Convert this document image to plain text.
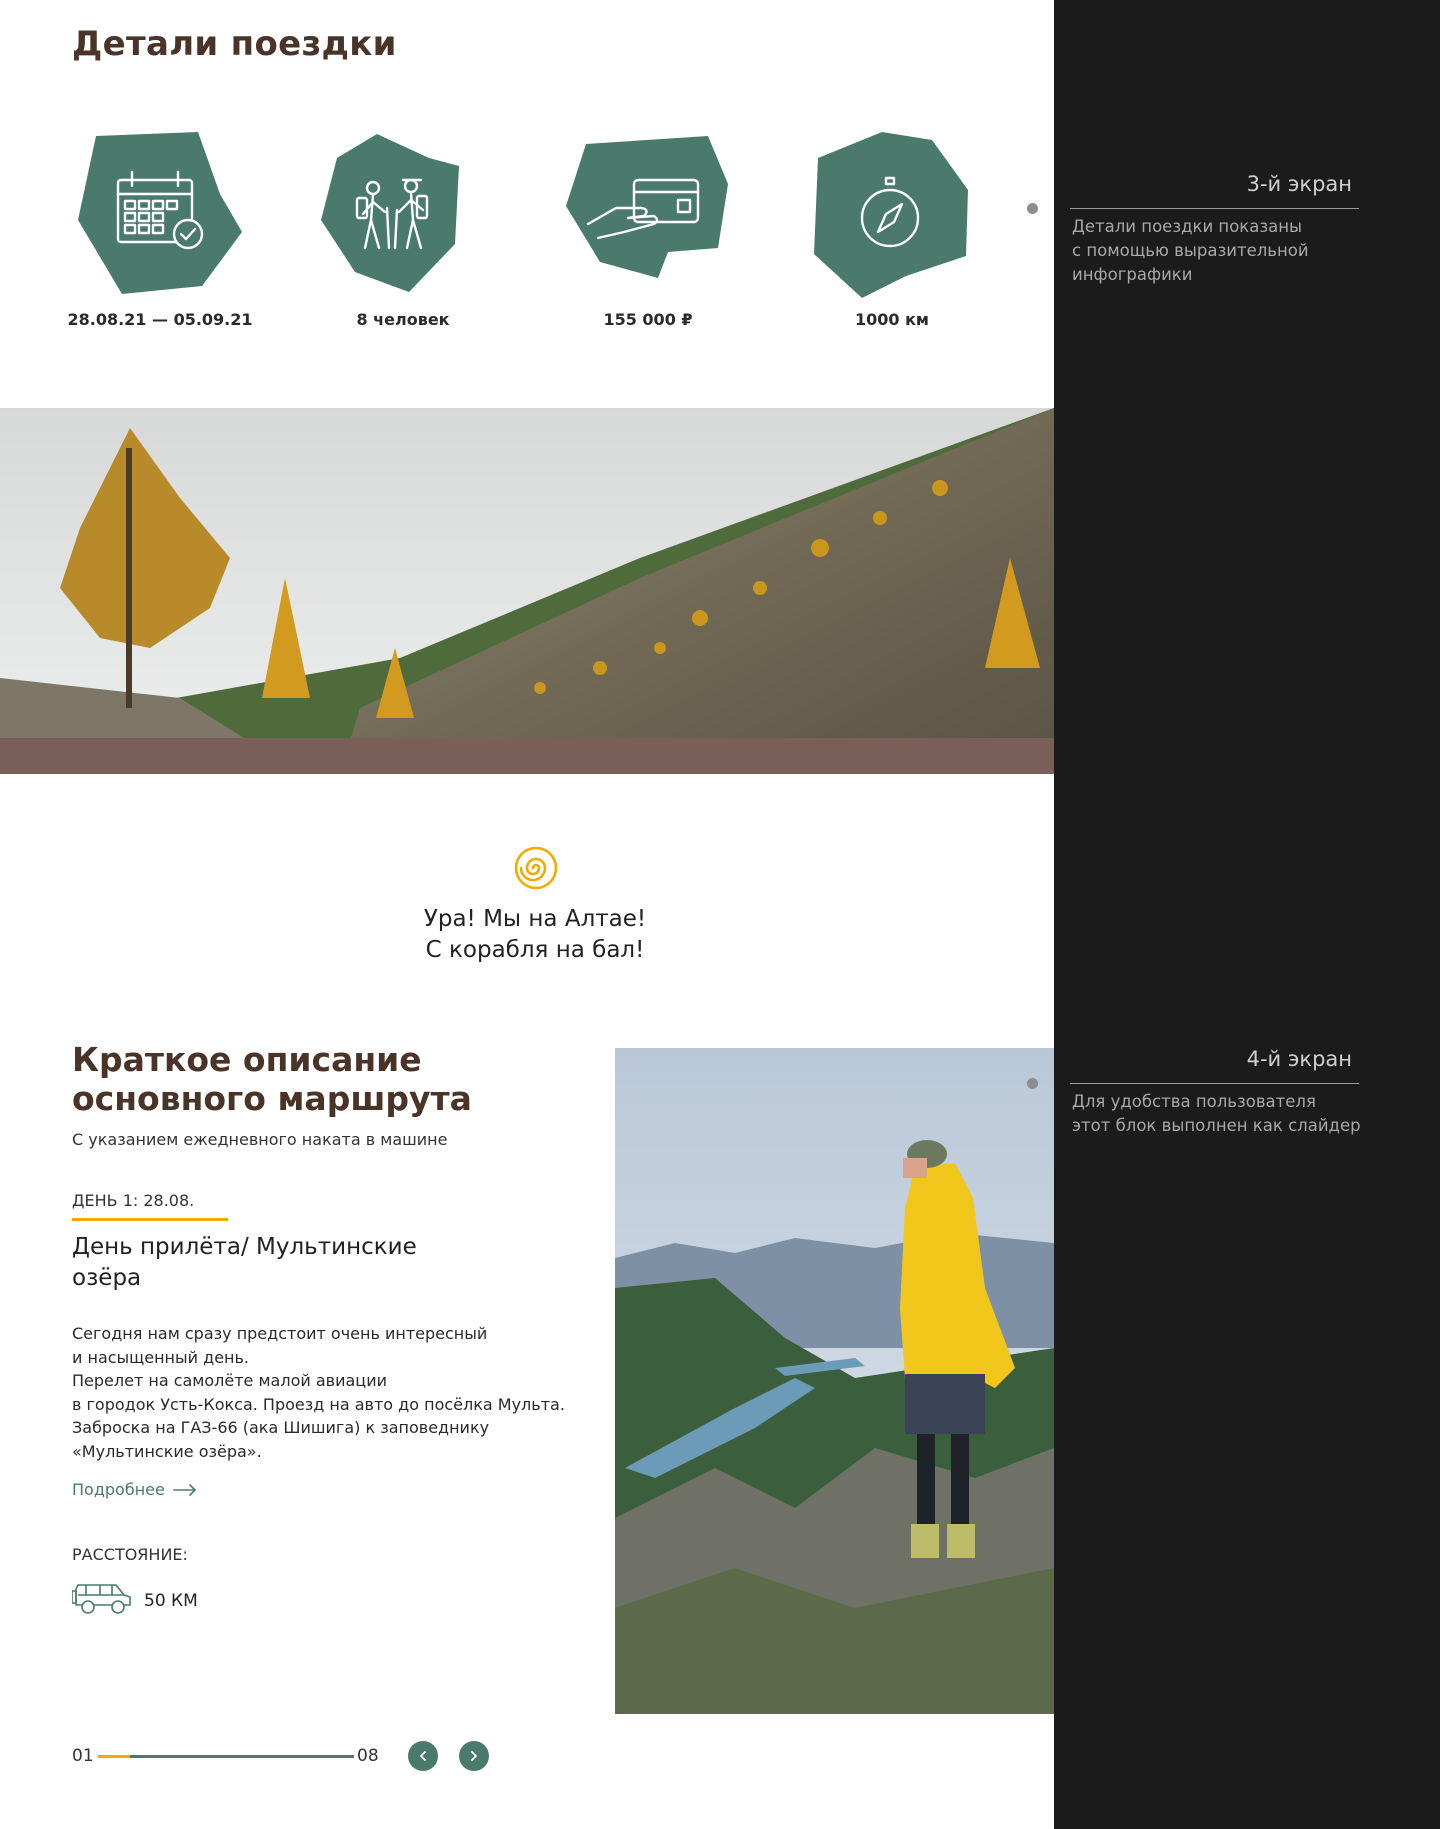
Детали поездки
28.08.21 — 05.09.21	8 человек	155 000 ₽	1000 км
Ура! Мы на Алтае!
С корабля на бал!
Краткое описание основного маршрута
С указанием ежедневного наката в машине
ДЕНЬ 1: 28.08.
День прилёта/ Мультинские озёра

Сегодня нам сразу предстоит очень интересный
и насыщенный день.
Перелет на самолёте малой авиации
в городок Усть-Кокса. Проезд на авто до посёлка Мульта.
Заброска на ГАЗ-66 (ака Шишига) к заповеднику
«Мультинские озёра».

Подробнее
РАССТОЯНИЕ:
50 КМ
01	08
3-й экран
Детали поездки показаны
с помощью выразительной
инфографики
4-й экран
Для удобства пользователя
этот блок выполнен как слайдер
